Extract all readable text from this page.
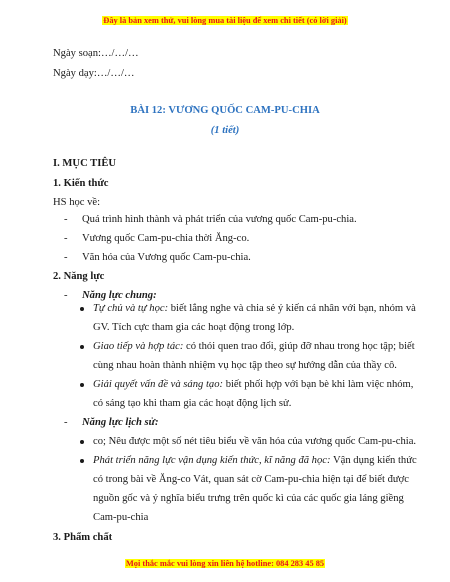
Đây là bản xem thử, vui lòng mua tài liệu để xem chi tiết (có lời giải)
Ngày soạn:…/…/…
Ngày dạy:…/…/…
BÀI 12: VƯƠNG QUỐC CAM-PU-CHIA
(1 tiết)
I. MỤC TIÊU
1. Kiến thức
HS học về:
- Quá trình hình thành và phát triển của vương quốc Cam-pu-chia.
- Vương quốc Cam-pu-chia thời Ăng-co.
- Văn hóa của Vương quốc Cam-pu-chia.
2. Năng lực
- Năng lực chung:
Tự chủ và tự học: biết lắng nghe và chia sẻ ý kiến cá nhân với bạn, nhóm và
GV. Tích cực tham gia các hoạt động trong lớp.
Giao tiếp và hợp tác: có thói quen trao đổi, giúp đỡ nhau trong học tập; biết
cùng nhau hoàn thành nhiệm vụ học tập theo sự hướng dẫn của thầy cô.
Giải quyết vấn đề và sáng tạo: biết phối hợp với bạn bè khi làm việc nhóm,
có sáng tạo khi tham gia các hoạt động lịch sử.
- Năng lực lịch sử:
co; Nêu được một số nét tiêu biểu về văn hóa của vương quốc Cam-pu-chia.
Phát triển năng lực vận dụng kiến thức, kĩ năng đã học: Vận dụng kiến thức
có trong bài về Ăng-co Vát, quan sát cờ Cam-pu-chia hiện tại để biết được
nguồn gốc và ý nghĩa biểu trưng trên quốc kì của các quốc gia láng giềng
Cam-pu-chia
3. Phẩm chất
Mọi thắc mắc vui lòng xin liên hệ hotline: 084 283 45 85
